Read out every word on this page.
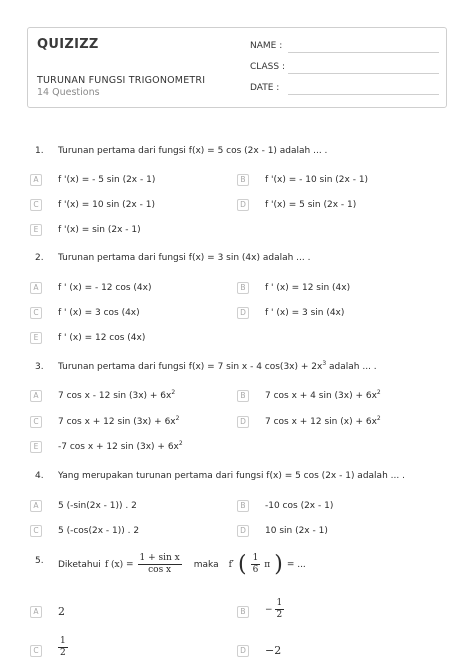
QUIZIZZ
TURUNAN FUNGSI TRIGONOMETRI
14 Questions
NAME :
CLASS :
DATE :
1. Turunan pertama dari fungsi f(x) = 5 cos (2x - 1) adalah ... .
A	f '(x) = - 5 sin (2x - 1)	B	f '(x) = - 10 sin (2x - 1)
C	f '(x) = 10 sin (2x - 1)	D	f '(x) = 5 sin (2x - 1)
E	f '(x) = sin (2x - 1)
2. Turunan pertama dari fungsi f(x) = 3 sin (4x) adalah ... .
A	f ' (x) = - 12 cos (4x)	B	f ' (x) = 12 sin (4x)
C	f ' (x) = 3 cos (4x)	D	f ' (x) = 3 sin (4x)
E	f ' (x) = 12 cos (4x)
3. Turunan pertama dari fungsi f(x) = 7 sin x - 4 $\cos(3x) + 2x^3$ adalah ... .
A	7 cos x - 12 $\sin (3x) + 6x^2$	B	7 cos x + 4 $\sin (3x) + 6x^2$
C	7 cos x + 12 $\sin (3x) + 6x^2$	D	7 cos x + 12 $\sin (x) + 6x^2$
E	-7 cos x + 12 $\sin (3x) + 6x^2$
4. Yang merupakan turunan pertama dari fungsi f(x) = 5 cos (2x - 1) adalah ... .
A	5 (-sin(2x - 1)) . 2	B	-10 cos (2x - 1)
C	5 (-cos(2x - 1)) . 2	D	10 sin (2x - 1)
5. Diketahui f $(x) = \frac{\text{1 + sin x}}{\text{cos x}}$ maka f′ ( $\frac{1}{6}$ π ) = ...
A	2	B	− $\frac{1}{2}$
C	$\frac{1}{2}$	D −2
